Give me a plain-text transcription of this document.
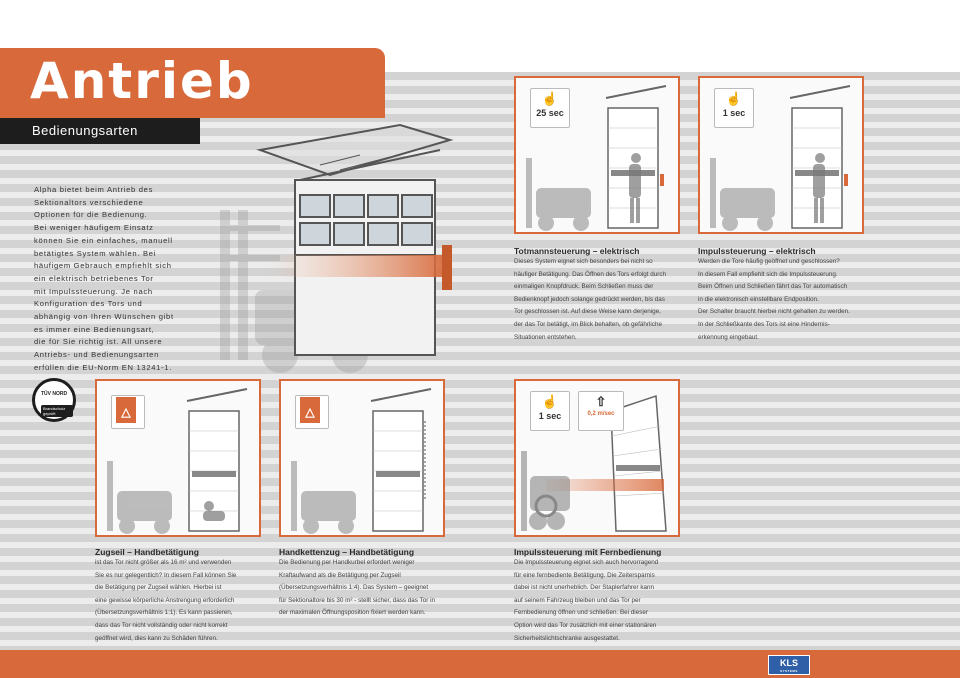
Antrieb
Bedienungsarten

Alpha bietet beim Antrieb des

Sektionaltors verschiedene

Optionen für die Bedienung.

Bei weniger häufigem Einsatz

können Sie ein einfaches, manuell

betätigtes System wählen. Bei

häufigem Gebrauch empfiehlt sich

ein elektrisch betriebenes Tor

mit Impulssteuerung. Je nach

Konfiguration des Tors und

abhängig von Ihren Wünschen gibt

es immer eine Bedienungsart,

die für Sie richtig ist. All unsere

Antriebs- und Bedienungsarten

erfüllen die EU-Norm EN 13241-1.

TÜV NORD
Brandschutz geprüft
☝
25 sec
☝
1 sec
Totmannsteuerung – elektrisch

Dieses System eignet sich besonders bei nicht so

häufiger Betätigung. Das Öffnen des Tors erfolgt durch

einmaligen Knopfdruck. Beim Schließen muss der

Bedienknopf jedoch solange gedrückt werden, bis das

Tor geschlossen ist. Auf diese Weise kann derjenige,

der das Tor betätigt, im Blick behalten, ob gefährliche

Situationen entstehen.

Impulssteuerung – elektrisch

Werden die Tore häufig geöffnet und geschlossen?

In diesem Fall empfiehlt sich die Impulssteuerung.

Beim Öffnen und Schließen fährt das Tor automatisch

in die elektronisch einstellbare Endposition.

Der Schalter braucht hierbei nicht gehalten zu werden.

In der Schließkante des Tors ist eine Hindernis-

erkennung eingebaut.

△	△
☝
1 sec
⇧
0,2 m/sec
Zugseil – Handbetätigung

ist das Tor nicht größer als 16 m² und verwenden

Sie es nur gelegentlich? In diesem Fall können Sie

die Betätigung per Zugseil wählen. Hierbei ist

eine gewisse körperliche Anstrengung erforderlich

(Übersetzungsverhältnis 1:1). Es kann passieren,

dass das Tor nicht vollständig oder nicht korrekt

geöffnet wird, dies kann zu Schäden führen.

Handkettenzug – Handbetätigung

Die Bedienung per Handkurbel erfordert weniger

Kraftaufwand als die Betätigung per Zugseil

(Übersetzungsverhältnis 1:4). Das System – geeignet

für Sektionaltore bis 30 m² - stellt sicher, dass das Tor in

der maximalen Öffnungsposition fixiert werden kann.

Impulssteuerung mit Fernbedienung

Die Impulssteuerung eignet sich auch hervorragend

für eine fernbediente Betätigung. Die Zeitersparnis

dabei ist nicht unerheblich. Der Staplerfahrer kann

auf seinem Fahrzeug bleiben und das Tor per

Fernbedienung öffnen und schließen. Bei dieser

Option wird das Tor zusätzlich mit einer stationären

Sicherheitslichtschranke ausgestattet.

KLS
SYSTEMS
